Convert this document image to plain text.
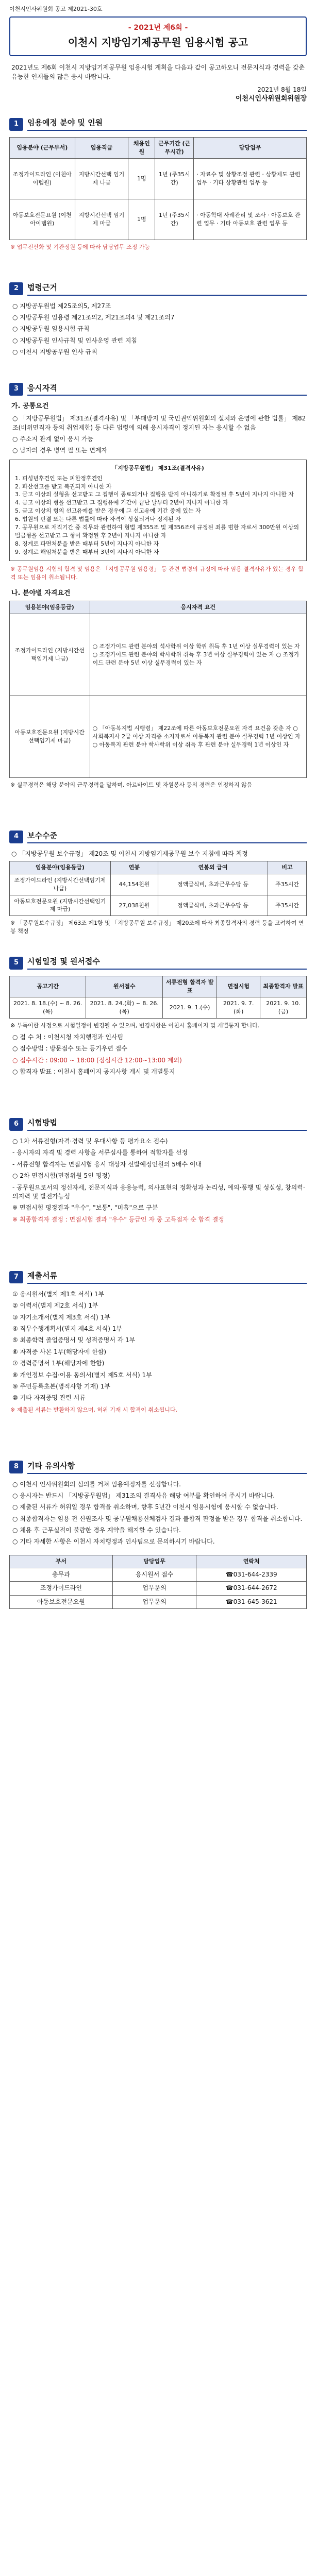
이천시인사위원회 공고 제2021-30호
- 2021년 제6회 -
이천시 지방임기제공무원 임용시험 공고
2021년도 제6회 이천시 지방임기제공무원 임용시험 계획을 다음과 같이 공고하오니 전문지식과 경력을 갖춘 유능한 인재들의 많은 응시 바랍니다.
2021년 8월 18일
이천시인사위원회위원장
1	임용예정 분야 및 인원
임용분야 (근무부서)	임용직급	채용인원	근무기간 (근무시간)	담당업무
조정가이드라인 (이천아이템원)	지방시간선택 임기제 나급	1명	1년 (주35시간)	· 자료수 및 상황조정 관련 · 상황제도 관련 업무 · 기타 상황관련 업무 등
아동보호전문요원 (이천아이템원)	지방시간선택 임기제 마급	1명	1년 (주35시간)	· 아동학대 사례관리 및 조사 · 아동보호 관련 업무 · 기타 아동보호 관련 업무 등
※ 업무전산화 및 기관정원 등에 따라 담당업무 조정 가능
2	법령근거
○ 지방공무원법 제25조의5, 제27조
○ 지방공무원 임용령 제21조의2, 제21조의4 및 제21조의7
○ 지방공무원 임용시험 규칙
○ 지방공무원 인사규칙 및 인사운영 관련 지침
○ 이천시 지방공무원 인사 규칙
3	응시자격
가. 공통요건
○ 「지방공무원법」 제31조(결격사유) 및 「부패방지 및 국민권익위원회의 설치와 운영에 관한 법률」 제82조(비위면직자 등의 취업제한) 등 다른 법령에 의해 응시자격이 정지된 자는 응시할 수 없음
○ 주소지 관계 없이 응시 가능
○ 남자의 경우 병역 필 또는 면제자
「지방공무원법」 제31조(결격사유)
1. 피성년후견인 또는 피한정후견인
2. 파산선고를 받고 복권되지 아니한 자
3. 금고 이상의 실형을 선고받고 그 집행이 종료되거나 집행을 받지 아니하기로 확정된 후 5년이 지나지 아니한 자
4. 금고 이상의 형을 선고받고 그 집행유예 기간이 끝난 날부터 2년이 지나지 아니한 자
5. 금고 이상의 형의 선고유예를 받은 경우에 그 선고유예 기간 중에 있는 자
6. 법원의 판결 또는 다른 법률에 따라 자격이 상실되거나 정지된 자
7. 공무원으로 재직기간 중 직무와 관련하여 형법 제355조 및 제356조에 규정된 죄를 범한 자로서 300만원 이상의 벌금형을 선고받고 그 형이 확정된 후 2년이 지나지 아니한 자
8. 징계로 파면처분을 받은 때부터 5년이 지나지 아니한 자
9. 징계로 해임처분을 받은 때부터 3년이 지나지 아니한 자
※ 공무원임용 시험의 합격 및 임용은 「지방공무원 임용령」 등 관련 법령의 규정에 따라 임용 결격사유가 있는 경우 합격 또는 임용이 취소됩니다.
나. 분야별 자격요건
임용분야(임용등급)	응시자격 요건
조정가이드라인 (지방시간선택임기제 나급)	○ 조정가이드 관련 분야의 석사학위 이상 학위 취득 후 1년 이상 실무경력이 있는 자 ○ 조정가이드 관련 분야의 학사학위 취득 후 3년 이상 실무경력이 있는 자 ○ 조정가이드 관련 분야 5년 이상 실무경력이 있는 자
아동보호전문요원 (지방시간선택임기제 마급)	○ 「아동복지법 시행령」 제22조에 따른 아동보호전문요원 자격 요건을 갖춘 자 ○ 사회복지사 2급 이상 자격증 소지자로서 아동복지 관련 분야 실무경력 1년 이상인 자 ○ 아동복지 관련 분야 학사학위 이상 취득 후 관련 분야 실무경력 1년 이상인 자
※ 실무경력은 해당 분야의 근무경력을 말하며, 아르바이트 및 자원봉사 등의 경력은 인정하지 않음
4	보수수준
○ 「지방공무원 보수규정」 제20조 및 이천시 지방임기제공무원 보수 지침에 따라 책정
임용분야(임용등급)	연봉	연봉외 급여	비고
조정가이드라인 (지방시간선택임기제 나급)	44,154천원	정액급식비, 초과근무수당 등	주35시간
아동보호전문요원 (지방시간선택임기제 마급)	27,038천원	정액급식비, 초과근무수당 등	주35시간
※ 「공무원보수규정」 제63조 제1항 및 「지방공무원 보수규정」 제20조에 따라 최종합격자의 경력 등을 고려하여 연봉 책정
5	시험일정 및 원서접수
공고기간	원서접수	서류전형 합격자 발표	면접시험	최종합격자 발표
2021. 8. 18.(수) ~ 8. 26.(목)	2021. 8. 24.(화) ~ 8. 26.(목)	2021. 9. 1.(수)	2021. 9. 7.(화)	2021. 9. 10.(금)
※ 부득이한 사정으로 시험일정이 변경될 수 있으며, 변경사항은 이천시 홈페이지 및 개별통지 합니다.
○ 접 수 처 : 이천시청 자치행정과 인사팀
○ 접수방법 : 방문접수 또는 등기우편 접수
○ 접수시간 : 09:00 ~ 18:00 (점심시간 12:00~13:00 제외)
○ 합격자 발표 : 이천시 홈페이지 공지사항 게시 및 개별통지
6	시험방법
○ 1차 서류전형(자격·경력 및 우대사항 등 평가요소 점수)
- 응시자의 자격 및 경력 사항을 서류심사를 통하여 적합자를 선정
- 서류전형 합격자는 면접시험 응시 대상자 선발예정인원의 5배수 이내
○ 2차 면접시험(면접위원 5인 평정)
- 공무원으로서의 정신자세, 전문지식과 응용능력, 의사표현의 정확성과 논리성, 예의·품행 및 성실성, 창의력·의지력 및 발전가능성
※ 면접시험 평정결과 "우수", "보통", "미흡"으로 구분
※ 최종합격자 결정 : 면접시험 결과 "우수" 등급인 자 중 고득점자 순 합격 결정
7	제출서류
① 응시원서(별지 제1호 서식) 1부
② 이력서(별지 제2호 서식) 1부
③ 자기소개서(별지 제3호 서식) 1부
④ 직무수행계획서(별지 제4호 서식) 1부
⑤ 최종학력 졸업증명서 및 성적증명서 각 1부
⑥ 자격증 사본 1부(해당자에 한함)
⑦ 경력증명서 1부(해당자에 한함)
⑧ 개인정보 수집·이용 동의서(별지 제5호 서식) 1부
⑨ 주민등록초본(병적사항 기재) 1부
⑩ 기타 자격증명 관련 서류
※ 제출된 서류는 반환하지 않으며, 허위 기재 시 합격이 취소됩니다.
8	기타 유의사항
○ 이천시 인사위원회의 심의를 거쳐 임용예정자를 선정합니다.
○ 응시자는 반드시 「지방공무원법」 제31조의 결격사유 해당 여부를 확인하여 주시기 바랍니다.
○ 제출된 서류가 허위일 경우 합격을 취소하며, 향후 5년간 이천시 임용시험에 응시할 수 없습니다.
○ 최종합격자는 임용 전 신원조사 및 공무원채용신체검사 결과 불합격 판정을 받은 경우 합격을 취소합니다.
○ 채용 후 근무실적이 불량한 경우 계약을 해지할 수 있습니다.
○ 기타 자세한 사항은 이천시 자치행정과 인사팀으로 문의하시기 바랍니다.
부서	담당업무	연락처
총무과	응시원서 접수	☎031-644-2339
조정가이드라인	업무문의	☎031-644-2672
아동보호전문요원	업무문의	☎031-645-3621
